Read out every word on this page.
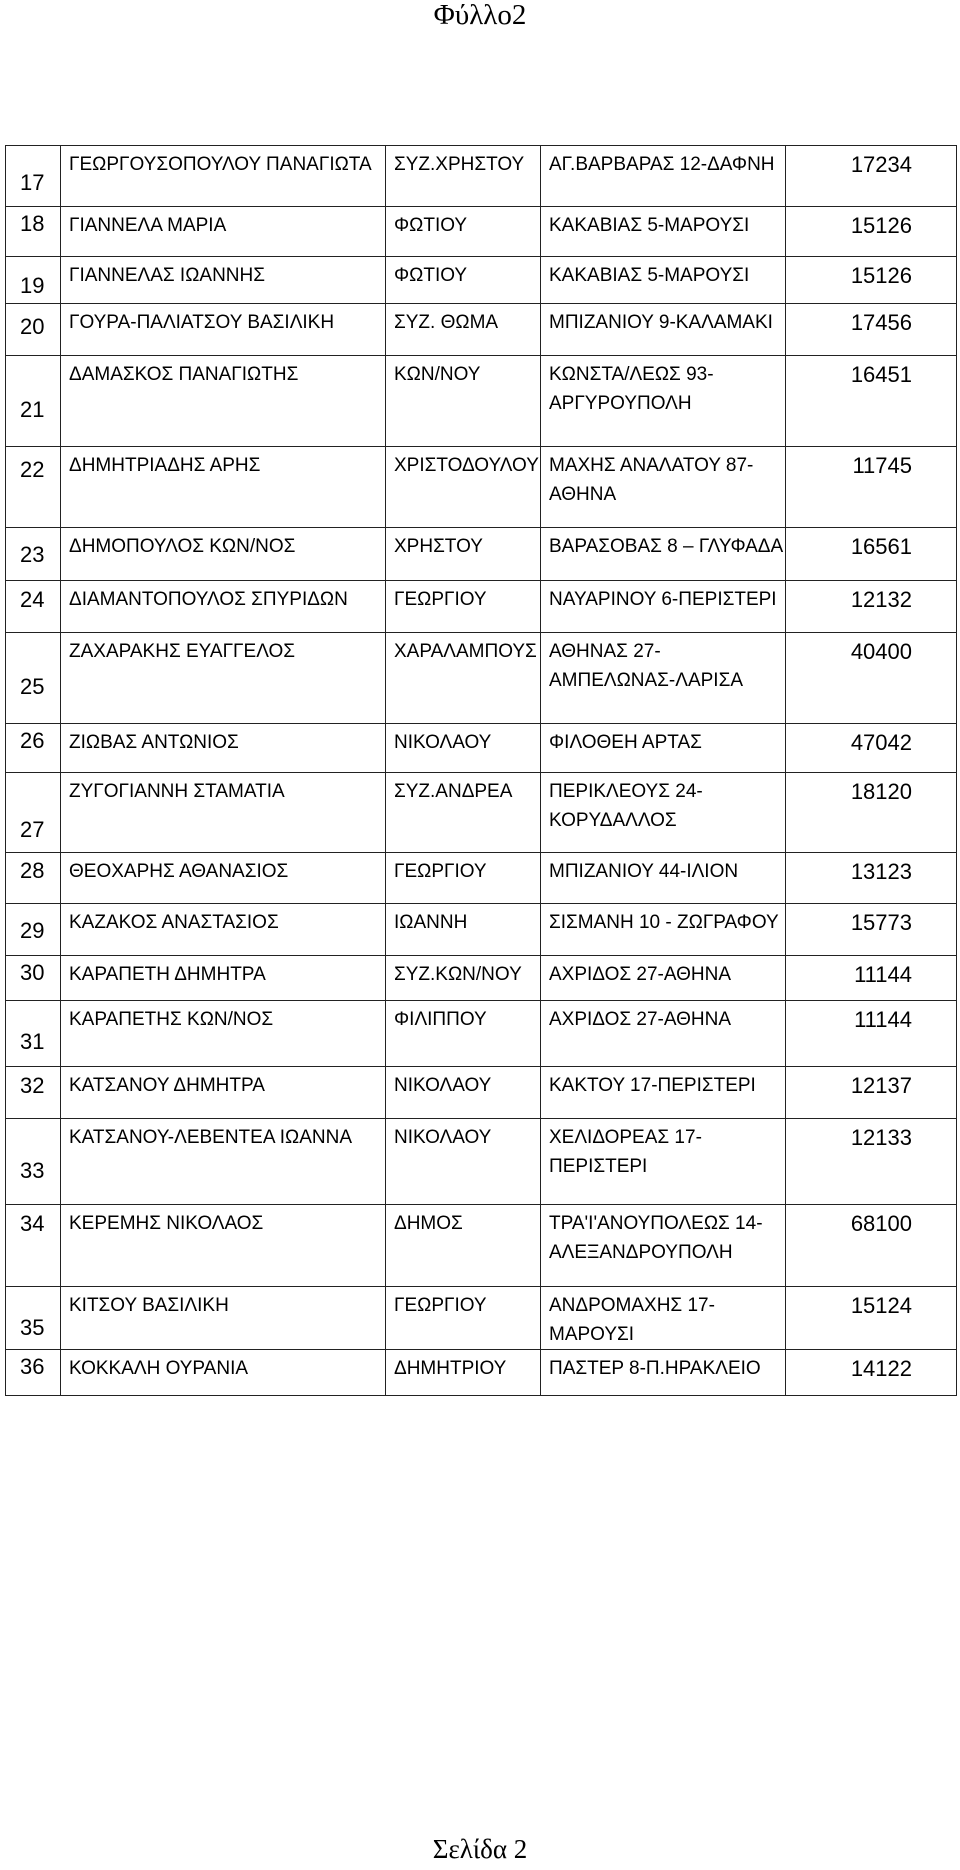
Φύλλο2
17	ΓΕΩΡΓΟΥΣΟΠΟΥΛΟΥ ΠΑΝΑΓΙΩΤΑ	ΣΥΖ.ΧΡΗΣΤΟΥ	ΑΓ.ΒΑΡΒΑΡΑΣ 12-ΔΑΦΝΗ	17234

18	ΓΙΑΝΝΕΛΑ ΜΑΡΙΑ	ΦΩΤΙΟΥ	ΚΑΚΑΒΙΑΣ 5-ΜΑΡΟΥΣΙ	15126

19	ΓΙΑΝΝΕΛΑΣ ΙΩΑΝΝΗΣ	ΦΩΤΙΟΥ	ΚΑΚΑΒΙΑΣ 5-ΜΑΡΟΥΣΙ	15126

20	ΓΟΥΡΑ-ΠΑΛΙΑΤΣΟΥ ΒΑΣΙΛΙΚΗ	ΣΥΖ. ΘΩΜΑ	ΜΠΙΖΑΝΙΟΥ 9-ΚΑΛΑΜΑΚΙ	17456

21	ΔΑΜΑΣΚΟΣ ΠΑΝΑΓΙΩΤΗΣ	ΚΩΝ/ΝΟΥ	ΚΩΝΣΤΑ/ΛΕΩΣ 93-ΑΡΓΥΡΟΥΠΟΛΗ	16451

22	ΔΗΜΗΤΡΙΑΔΗΣ ΑΡΗΣ	ΧΡΙΣΤΟΔΟΥΛΟΥ	ΜΑΧΗΣ ΑΝΑΛΑΤΟΥ 87-ΑΘΗΝΑ	11745

23	ΔΗΜΟΠΟΥΛΟΣ ΚΩΝ/ΝΟΣ	ΧΡΗΣΤΟΥ	ΒΑΡΑΣΟΒΑΣ 8 – ΓΛΥΦΑΔΑ	16561

24	ΔΙΑΜΑΝΤΟΠΟΥΛΟΣ ΣΠΥΡΙΔΩΝ	ΓΕΩΡΓΙΟΥ	ΝΑΥΑΡΙΝΟΥ 6-ΠΕΡΙΣΤΕΡΙ	12132

25	ΖΑΧΑΡΑΚΗΣ ΕΥΑΓΓΕΛΟΣ	ΧΑΡΑΛΑΜΠΟΥΣ	ΑΘΗΝΑΣ 27-ΑΜΠΕΛΩΝΑΣ-ΛΑΡΙΣΑ	40400

26	ΖΙΩΒΑΣ ΑΝΤΩΝΙΟΣ	ΝΙΚΟΛΑΟΥ	ΦΙΛΟΘΕΗ ΑΡΤΑΣ	47042

27	ΖΥΓΟΓΙΑΝΝΗ ΣΤΑΜΑΤΙΑ	ΣΥΖ.ΑΝΔΡΕΑ	ΠΕΡΙΚΛΕΟΥΣ 24-ΚΟΡΥΔΑΛΛΟΣ	18120

28	ΘΕΟΧΑΡΗΣ ΑΘΑΝΑΣΙΟΣ	ΓΕΩΡΓΙΟΥ	ΜΠΙΖΑΝΙΟΥ 44-ΙΛΙΟΝ	13123

29	ΚΑΖΑΚΟΣ ΑΝΑΣΤΑΣΙΟΣ	ΙΩΑΝΝΗ	ΣΙΣΜΑΝΗ 10 - ΖΩΓΡΑΦΟΥ	15773

30	ΚΑΡΑΠΕΤΗ ΔΗΜΗΤΡΑ	ΣΥΖ.ΚΩΝ/ΝΟΥ	ΑΧΡΙΔΟΣ 27-ΑΘΗΝΑ	11144

31	ΚΑΡΑΠΕΤΗΣ ΚΩΝ/ΝΟΣ	ΦΙΛΙΠΠΟΥ	ΑΧΡΙΔΟΣ 27-ΑΘΗΝΑ	11144

32	ΚΑΤΣΑΝΟΥ ΔΗΜΗΤΡΑ	ΝΙΚΟΛΑΟΥ	ΚΑΚΤΟΥ 17-ΠΕΡΙΣΤΕΡΙ	12137

33	ΚΑΤΣΑΝΟΥ-ΛΕΒΕΝΤΕΑ ΙΩΑΝΝΑ	ΝΙΚΟΛΑΟΥ	ΧΕΛΙΔΟΡΕΑΣ 17-ΠΕΡΙΣΤΕΡΙ	12133

34	ΚΕΡΕΜΗΣ ΝΙΚΟΛΑΟΣ	ΔΗΜΟΣ	ΤΡΑ'Ι'ΑΝΟΥΠΟΛΕΩΣ 14-ΑΛΕΞΑΝΔΡΟΥΠΟΛΗ	68100

35	ΚΙΤΣΟΥ ΒΑΣΙΛΙΚΗ	ΓΕΩΡΓΙΟΥ	ΑΝΔΡΟΜΑΧΗΣ 17-ΜΑΡΟΥΣΙ	15124

36	ΚΟΚΚΑΛΗ ΟΥΡΑΝΙΑ	ΔΗΜΗΤΡΙΟΥ	ΠΑΣΤΕΡ 8-Π.ΗΡΑΚΛΕΙΟ	14122
Σελίδα 2
